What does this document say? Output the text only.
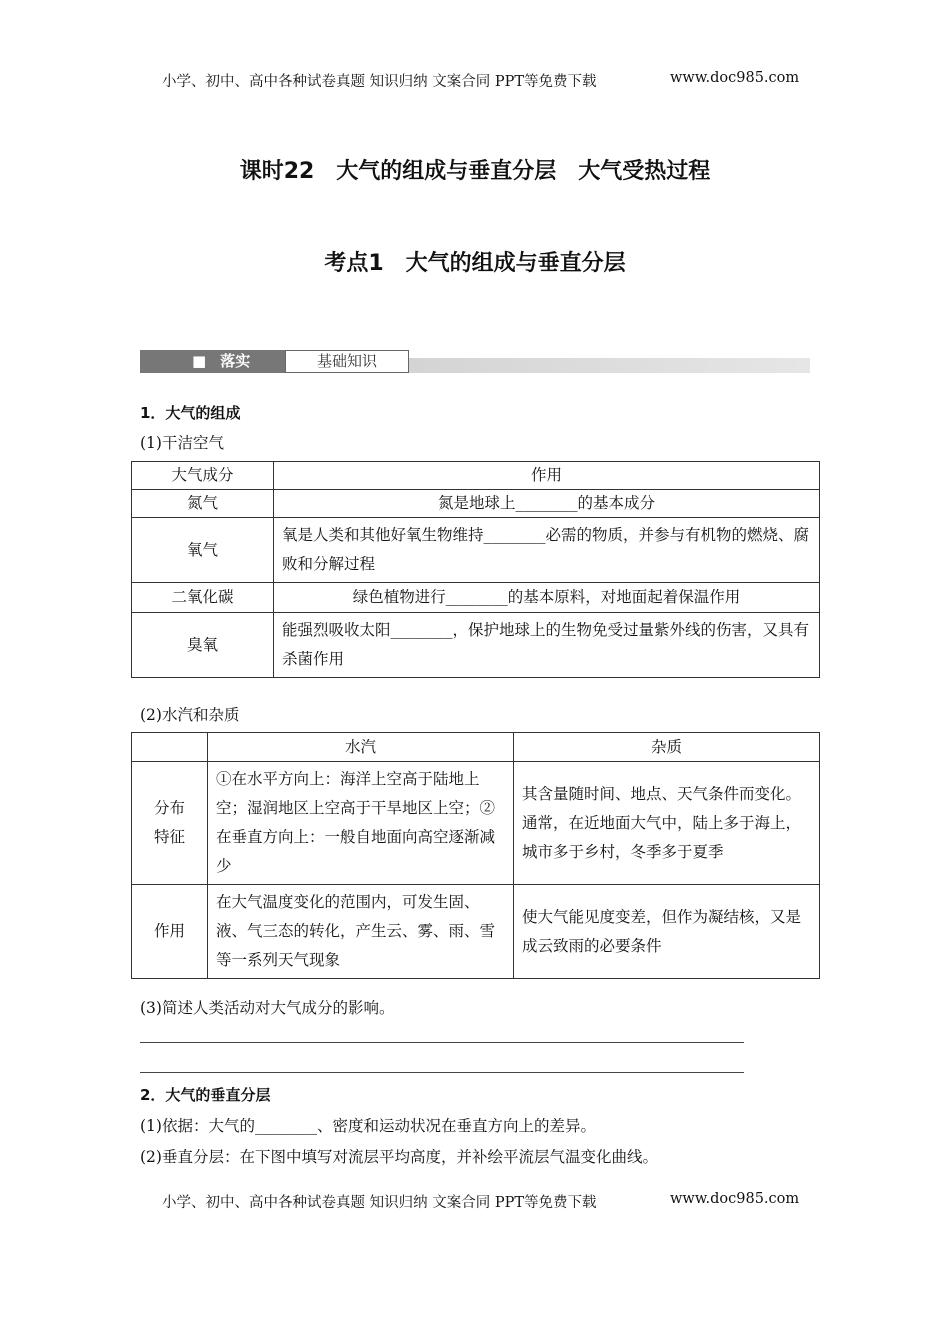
小学、初中、高中各种试卷真题 知识归纳 文案合同 PPT等免费下载	www.doc985.com
课时22　大气的组成与垂直分层　大气受热过程
考点1　大气的组成与垂直分层
■ 落实	基础知识
1．大气的组成
(1)干洁空气
大气成分	作用
氮气	氮是地球上________的基本成分
氧气	氧是人类和其他好氧生物维持________必需的物质，并参与有机物的燃烧、腐败和分解过程
二氧化碳	绿色植物进行________的基本原料，对地面起着保温作用
臭氧	能强烈吸收太阳________，保护地球上的生物免受过量紫外线的伤害，又具有杀菌作用
(2)水汽和杂质
	水汽	杂质
分布特征	①在水平方向上：海洋上空高于陆地上空；湿润地区上空高于干旱地区上空；②在垂直方向上：一般自地面向高空逐渐减少	其含量随时间、地点、天气条件而变化。通常，在近地面大气中，陆上多于海上，城市多于乡村，冬季多于夏季
作用	在大气温度变化的范围内，可发生固、液、气三态的转化，产生云、雾、雨、雪等一系列天气现象	使大气能见度变差，但作为凝结核，又是成云致雨的必要条件
(3)简述人类活动对大气成分的影响。
2．大气的垂直分层
(1)依据：大气的________、密度和运动状况在垂直方向上的差异。
(2)垂直分层：在下图中填写对流层平均高度，并补绘平流层气温变化曲线。
小学、初中、高中各种试卷真题 知识归纳 文案合同 PPT等免费下载	www.doc985.com
